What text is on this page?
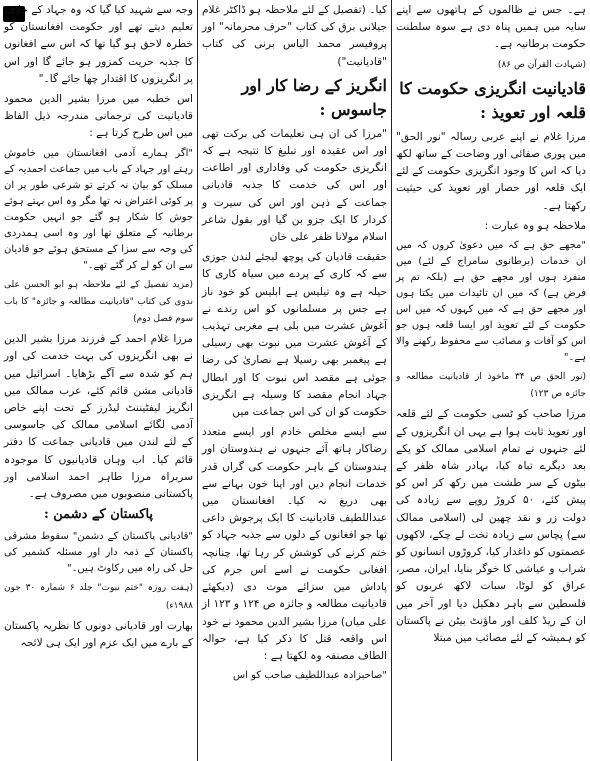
ہے۔ جس نے ظالموں کے ہاتھوں سے اپنے سایہ میں ہمیں پناہ دی ہے سوہ سلطنت حکومت برطانیہ ہے۔

(شہادت القرآن ص ۸۶)

قادیانیت انگریزی حکومت کا قلعہ اور تعویذ :

مرزا غلام نے اپنے عربی رسالہ "نور الحق" میں پوری صفائی اور وضاحت کے ساتھ لکھ دیا کہ اس کا وجود انگریزی حکومت کے لئے ایک قلعہ اور حصار اور تعویذ کی حیثیت رکھتا ہے۔

ملاحظہ ہو وہ عبارت :

"مجھے حق ہے کہ میں دعویٰ کروں کہ میں ان خدمات (برطانوی سامراج کے لئے) میں منفرد ہوں اور مجھے حق ہے (بلکہ تم پر فرض ہے) کہ میں ان تائیدات میں یکتا ہوں اور مجھے حق ہے کہ میں کہوں کہ میں اس حکومت کے لئے تعویذ اور ایسا قلعہ ہوں جو اس کو آفات و مصائب سے محفوظ رکھنے والا ہے۔"

(نور الحق ص ۳۴ ماخوذ از قادیانیت مطالعہ و جائزہ ص ۱۲۳)

مرزا صاحب کو ٹسی حکومت کے لئے قلعہ اور تعویذ ثابت ہوا ہے یہی ان انگریزوں کے لئے جنہوں نے تمام اسلامی ممالک کو یکے بعد دیگرے تباہ کیا، بہادر شاہ ظفر کے بیٹوں کے سر طشت میں رکھ کر اس کو پیش کئے، ۵۰ کروڑ روپے سے زیادہ کی دولت زر و نقد چھین لی (اسلامی ممالک سے) پچاس سے زیادہ تخت لے چکے، لاکھوں عصمتوں کو داغدار کیا، کروڑوں انسانوں کو شراب و عیاشی کا خوگر بنایا، ایران، مصر، عراق کو لوٹا، سبات لاکھ عربوں کو فلسطین سے باہر دھکیل دیا اور آخر میں ان کے ریڈ کلف اور ماؤنٹ بیٹن نے پاکستان کو ہمیشہ کے لئے مصائب میں مبتلا

کیا۔ (تفصیل کے لئے ملاحظہ ہو ڈاکٹر غلام جیلانی برق کی کتاب "حرف محرمانہ" اور پروفیسر محمد الیاس برنی کی کتاب "قادیانیت")

انگریز کے رضا کار اور جاسوس :

"مرزا کی ان ہی تعلیمات کی برکت تھی اور اس عقیدہ اور تبلیغ کا نتیجہ ہے کہ انگریزی حکومت کی وفاداری اور اطاعت اور اس کی خدمت کا جذبہ قادیانی جماعت کے ذہن اور اس کی سیرت و کردار کا ایک جزو بن گیا اور بقول شاعر اسلام مولانا ظفر علی خان

حقیقت قادیان کی پوچھ لیجئے لندن جوزی سے کہ کاری کے پردے میں سیاہ کاری کا حیلہ ہے وہ تیلیس ہے ابلیس کو خود ناز ہے جس پر مسلمانوں کو اس رندے نے آغوش عشرت میں بلی ہے مغربی تہذیب کے آغوش عشرت میں نبوت بھی رسیلی ہے پیغمبر بھی رسیلا ہے نصاریٰ کی رضا جوئی ہے مقصد اس نبوت کا اور ابطال جہاد انجام مقصد کا وسیلہ ہے انگریزی حکومت کو ان کی اس جماعت میں

سے ایسے مخلص خادم اور ایسے متعدد رضاکار ہاتھ آئے جنہوں نے ہندوستان اور ہندوستان کے باہر حکومت کی گراں قدر خدمات انجام دیں اور اپنا خون بہانے سے بھی دریغ نہ کیا۔ افغانستان میں عبداللطیف قادیانیت کا ایک پرجوش داعی تھا جو افغانوں کے دلوں سے جذبہ جہاد کو ختم کرنے کی کوشش کر رہا تھا، چنانچہ افغانی حکومت نے اسے اس جرم کی پاداش میں سزائے موت دی (دیکھئے قادیانیت مطالعہ و جائزہ ص ۱۲۴ و ۱۲۳ از علی میاں) مرزا بشیر الدین محمود نے خود اس واقعہ قتل کا ذکر کیا ہے، حوالہ الطاف مصنفہ وہ لکھتا ہے :

"صاحبزادہ عبداللطیف صاحب کو اس

وجہ سے شہید کیا گیا کہ وہ جہاد کے خلاف تعلیم دیتے تھے اور حکومت افغانستان کو خطرہ لاحق ہو گیا تھا کہ اس سے افغانوں کا جذبہ حریت کمزور ہو جائے گا اور اس پر انگریزوں کا اقتدار چھا جائے گا۔"

اس خطبہ میں مرزا بشیر الدین محمود قادیانیت کی ترجمانی مندرجہ ذیل الفاظ میں اس طرح کرتا ہے :

"اگر ہمارے آدمی افغانستان میں خاموش رہتے اور جہاد کے باب میں جماعت احمدیہ کے مسلک کو بیان نہ کرتے تو شرعی طور پر ان پر کوئی اعتراض نہ تھا مگر وہ اس بہتے ہوئے جوش کا شکار ہو گئے جو انہیں حکومت برطانیہ کے متعلق تھا اور وہ اسی ہمدردی کی وجہ سے سزا کے مستحق ہوئے جو قادیان سے ان کو لے کر گئے تھے۔"

(مزید تفصیل کے لئے ملاحظہ ہو ابو الحسن علی ندوی کی کتاب "قادیانیت مطالعہ و جائزہ" کا باب سوم فصل دوم)

مرزا غلام احمد کے فرزند مرزا بشیر الدین نے بھی انگریزوں کی بہت خدمت کی اور ہم کو شدہ سے آگے بڑھایا۔ اسرائیل میں قادیانی مشن قائم کئے، عرب ممالک میں انگریز لیفٹیننٹ لیڈرز کے تحت اپنے خاص آدمی لگائے اسلامی ممالک کی جاسوسی کے لئے لندن میں قادیانی جماعت کا دفتر قائم کیا۔ اب وہاں قادیانیوں کا موجودہ سربراہ مرزا طاہر احمد اسلامی اور پاکستانی منصوبوں میں مصروف ہے۔

پاکستان کے دشمن :

"قادیانی پاکستان کے دشمن" سقوط مشرقی پاکستان کے ذمہ دار اور مسئلہ کشمیر کی حل کی راہ میں رکاوٹ ہیں۔"

(ہفت روزہ "ختم نبوت" جلد ۶ شمارہ ۳۰ جون ۱۹۸۸ء)

بھارت اور قادیانی دونوں کا نظریہ پاکستان کے بارے میں ایک عزم اور ایک ہی لائحہ
